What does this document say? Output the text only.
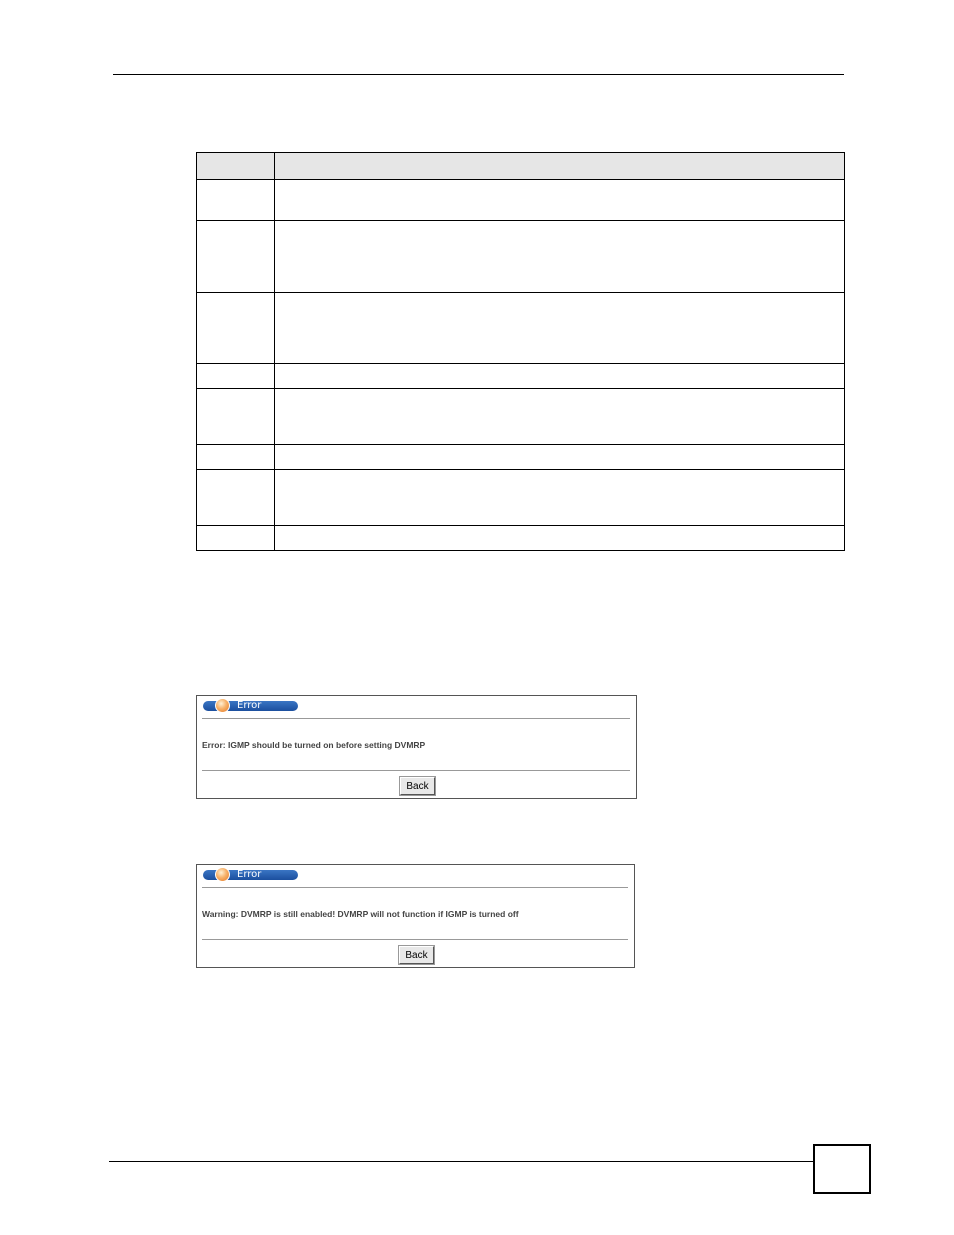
Error
Error: IGMP should be turned on before setting DVMRP
Back
Error
Warning: DVMRP is still enabled! DVMRP will not function if IGMP is turned off
Back
